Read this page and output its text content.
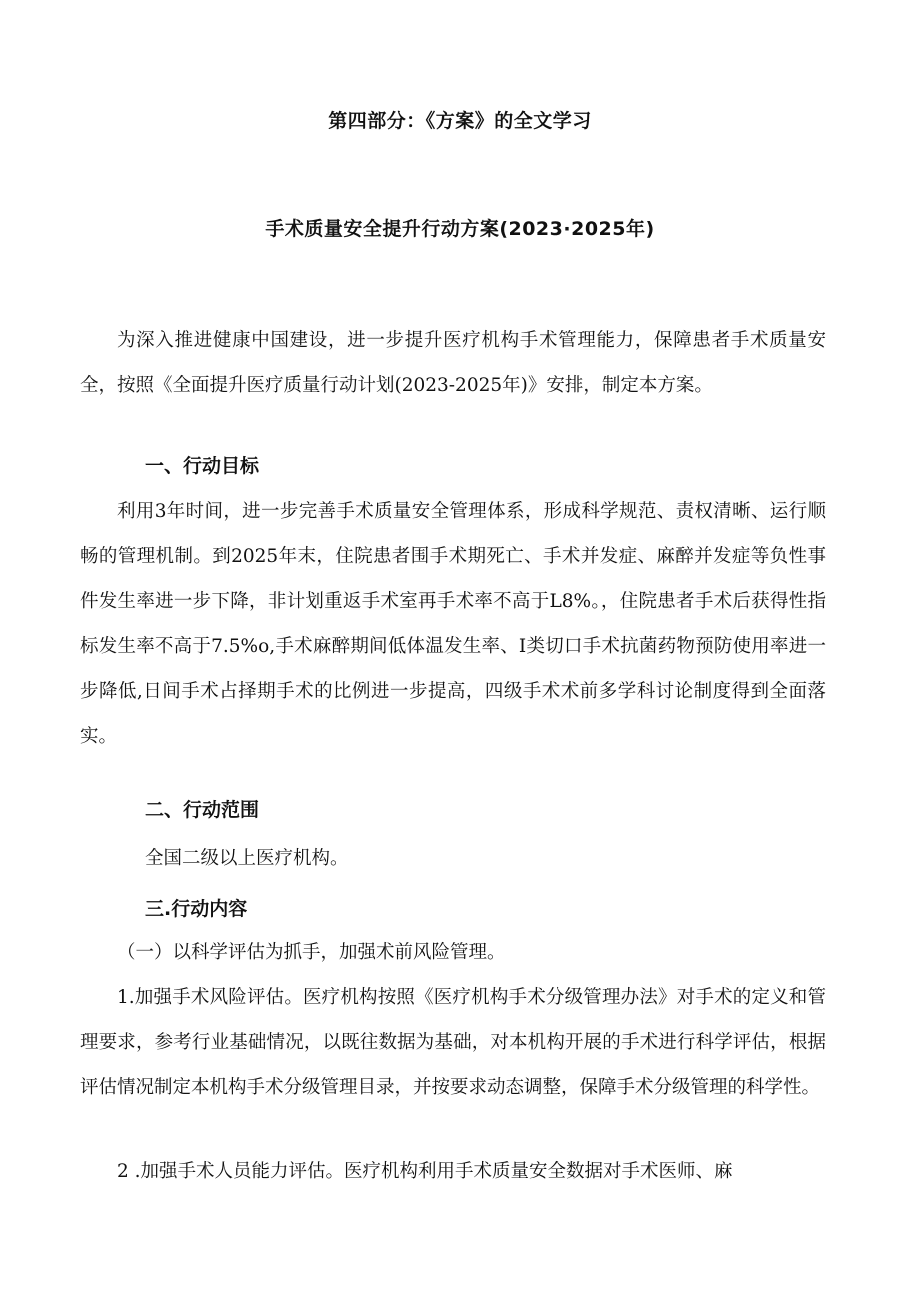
第四部分：《方案》的全文学习
手术质量安全提升行动方案(2023·2025年)

为深入推进健康中国建设，进一步提升医疗机构手术管理能力，保障患者手术质量安全，按照《全面提升医疗质量行动计划(2023-2025年)》安排，制定本方案。

一、行动目标

利用3年时间，进一步完善手术质量安全管理体系，形成科学规范、责权清晰、运行顺畅的管理机制。到2025年末，住院患者围手术期死亡、手术并发症、麻醉并发症等负性事件发生率进一步下降，非计划重返手术室再手术率不高于L8%。，住院患者手术后获得性指标发生率不高于7.5%o,手术麻醉期间低体温发生率、I类切口手术抗菌药物预防使用率进一步降低,日间手术占择期手术的比例进一步提高，四级手术术前多学科讨论制度得到全面落实。

二、行动范围
全国二级以上医疗机构。
三.行动内容

（一）以科学评估为抓手，加强术前风险管理。

1.加强手术风险评估。医疗机构按照《医疗机构手术分级管理办法》对手术的定义和管理要求，参考行业基础情况，以既往数据为基础，对本机构开展的手术进行科学评估，根据评估情况制定本机构手术分级管理目录，并按要求动态调整，保障手术分级管理的科学性。

2 .加强手术人员能力评估。医疗机构利用手术质量安全数据对手术医师、麻
